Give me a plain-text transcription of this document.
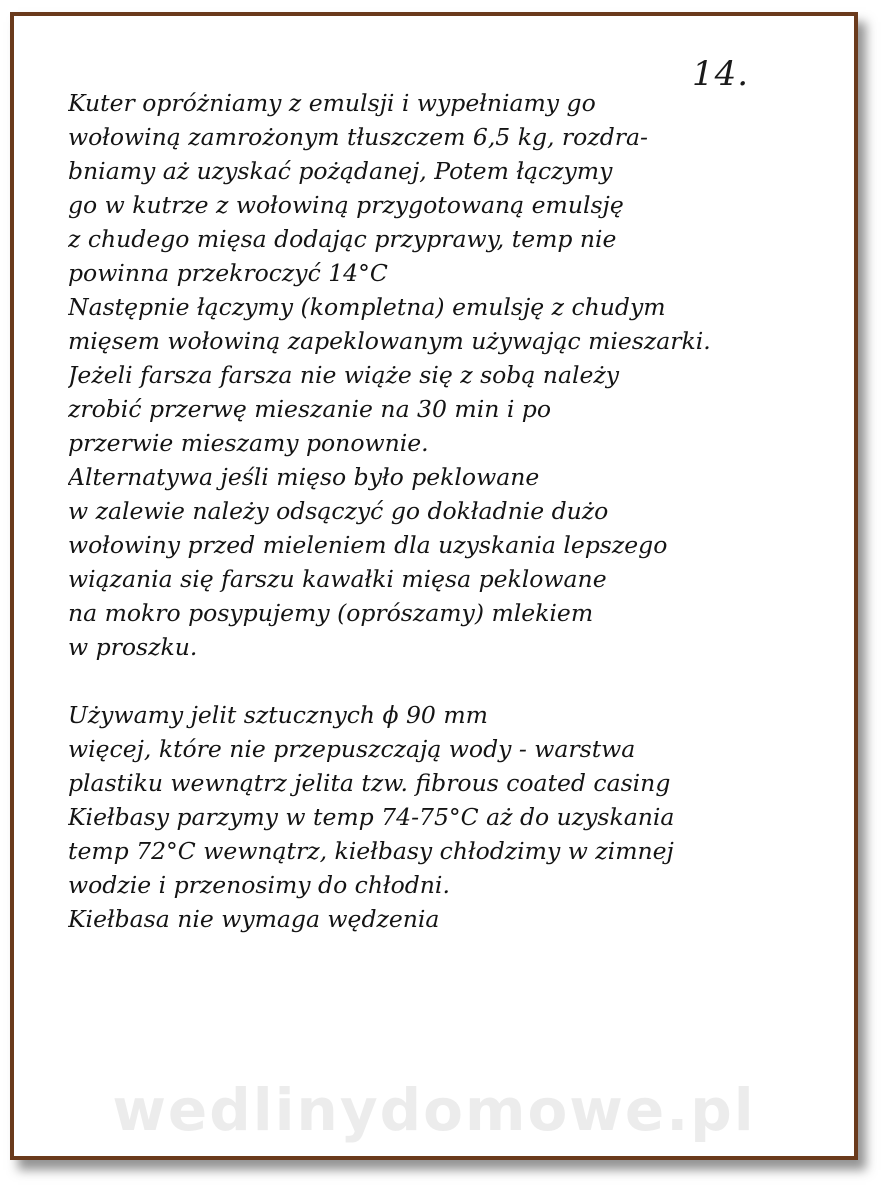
14.
Kuter opróżniamy z emulsji i wypełniamy go
wołowiną zamrożonym tłuszczem 6,5 kg, rozdra-
bniamy aż uzyskać pożądanej, Potem łączymy
go w kutrze z wołowiną przygotowaną emulsję
z chudego mięsa dodając przyprawy, temp nie
powinna przekroczyć 14°C
Następnie łączymy (kompletna) emulsję z chudym
mięsem wołowiną zapeklowanym używając mieszarki.
Jeżeli farsza farsza nie wiąże się z sobą należy
zrobić przerwę mieszanie na 30 min i po
przerwie mieszamy ponownie.
Alternatywa jeśli mięso było peklowane
w zalewie należy odsączyć go dokładnie dużo
wołowiny przed mieleniem dla uzyskania lepszego
wiązania się farszu kawałki mięsa peklowane
na mokro posypujemy (oprószamy) mlekiem
w proszku.
Używamy jelit sztucznych ϕ 90 mm
więcej, które nie przepuszczają wody - warstwa
plastiku wewnątrz jelita tzw. fibrous coated casing
Kiełbasy parzymy w temp 74-75°C aż do uzyskania
temp 72°C wewnątrz, kiełbasy chłodzimy w zimnej
wodzie i przenosimy do chłodni.
Kiełbasa nie wymaga wędzenia
wedlinydomowe.pl
